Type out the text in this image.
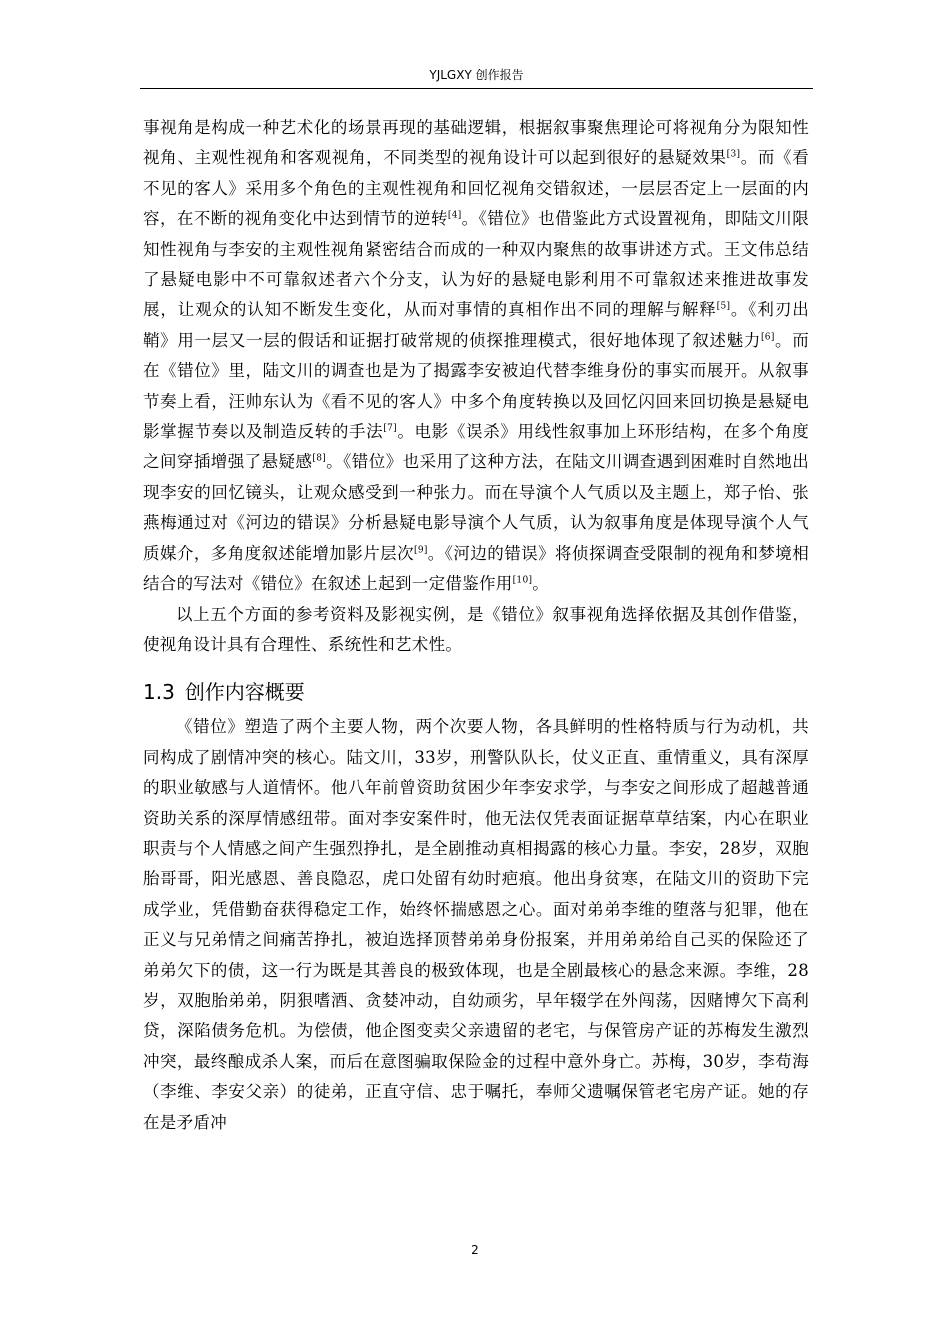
YJLGXY 创作报告

事视角是构成一种艺术化的场景再现的基础逻辑，根据叙事聚焦理论可将视角分为限知性视角、主观性视角和客观视角，不同类型的视角设计可以起到很好的悬疑效果[3]。而《看不见的客人》采用多个角色的主观性视角和回忆视角交错叙述，一层层否定上一层面的内容，在不断的视角变化中达到情节的逆转[4]。《错位》也借鉴此方式设置视角，即陆文川限知性视角与李安的主观性视角紧密结合而成的一种双内聚焦的故事讲述方式。王文伟总结了悬疑电影中不可靠叙述者六个分支，认为好的悬疑电影利用不可靠叙述来推进故事发展，让观众的认知不断发生变化，从而对事情的真相作出不同的理解与解释[5]。《利刃出鞘》用一层又一层的假话和证据打破常规的侦探推理模式，很好地体现了叙述魅力[6]。而在《错位》里，陆文川的调查也是为了揭露李安被迫代替李维身份的事实而展开。从叙事节奏上看，汪帅东认为《看不见的客人》中多个角度转换以及回忆闪回来回切换是悬疑电影掌握节奏以及制造反转的手法[7]。电影《误杀》用线性叙事加上环形结构，在多个角度之间穿插增强了悬疑感[8]。《错位》也采用了这种方法，在陆文川调查遇到困难时自然地出现李安的回忆镜头，让观众感受到一种张力。而在导演个人气质以及主题上，郑子怡、张燕梅通过对《河边的错误》分析悬疑电影导演个人气质，认为叙事角度是体现导演个人气质媒介，多角度叙述能增加影片层次[9]。《河边的错误》将侦探调查受限制的视角和梦境相结合的写法对《错位》在叙述上起到一定借鉴作用[10]。

以上五个方面的参考资料及影视实例，是《错位》叙事视角选择依据及其创作借鉴，使视角设计具有合理性、系统性和艺术性。

1.3 创作内容概要

《错位》塑造了两个主要人物，两个次要人物，各具鲜明的性格特质与行为动机，共同构成了剧情冲突的核心。陆文川，33岁，刑警队队长，仗义正直、重情重义，具有深厚的职业敏感与人道情怀。他八年前曾资助贫困少年李安求学，与李安之间形成了超越普通资助关系的深厚情感纽带。面对李安案件时，他无法仅凭表面证据草草结案，内心在职业职责与个人情感之间产生强烈挣扎，是全剧推动真相揭露的核心力量。李安，28岁，双胞胎哥哥，阳光感恩、善良隐忍，虎口处留有幼时疤痕。他出身贫寒，在陆文川的资助下完成学业，凭借勤奋获得稳定工作，始终怀揣感恩之心。面对弟弟李维的堕落与犯罪，他在正义与兄弟情之间痛苦挣扎，被迫选择顶替弟弟身份报案，并用弟弟给自己买的保险还了弟弟欠下的债，这一行为既是其善良的极致体现，也是全剧最核心的悬念来源。李维，28岁，双胞胎弟弟，阴狠嗜酒、贪婪冲动，自幼顽劣，早年辍学在外闯荡，因赌博欠下高利贷，深陷债务危机。为偿债，他企图变卖父亲遗留的老宅，与保管房产证的苏梅发生激烈冲突，最终酿成杀人案，而后在意图骗取保险金的过程中意外身亡。苏梅，30岁，李苟海（李维、李安父亲）的徒弟，正直守信、忠于嘱托，奉师父遗嘱保管老宅房产证。她的存在是矛盾冲

2
